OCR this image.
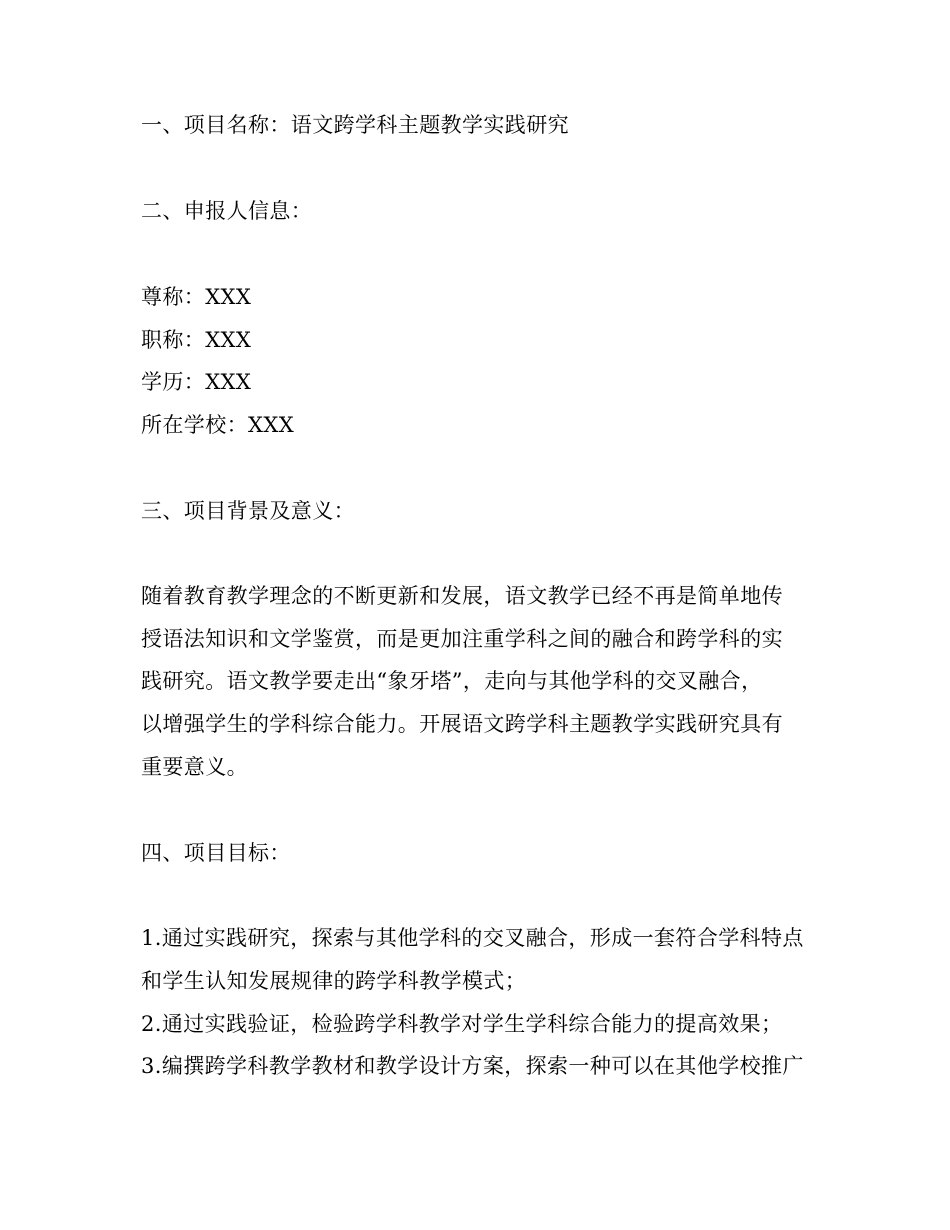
一、项目名称：语文跨学科主题教学实践研究
二、申报人信息：
尊称：XXX
职称：XXX
学历：XXX
所在学校：XXX
三、项目背景及意义：
随着教育教学理念的不断更新和发展，语文教学已经不再是简单地传
授语法知识和文学鉴赏，而是更加注重学科之间的融合和跨学科的实
践研究。语文教学要走出“象牙塔”，走向与其他学科的交叉融合，
以增强学生的学科综合能力。开展语文跨学科主题教学实践研究具有
重要意义。
四、项目目标：
1.通过实践研究，探索与其他学科的交叉融合，形成一套符合学科特点
和学生认知发展规律的跨学科教学模式；
2.通过实践验证，检验跨学科教学对学生学科综合能力的提高效果；
3.编撰跨学科教学教材和教学设计方案，探索一种可以在其他学校推广
